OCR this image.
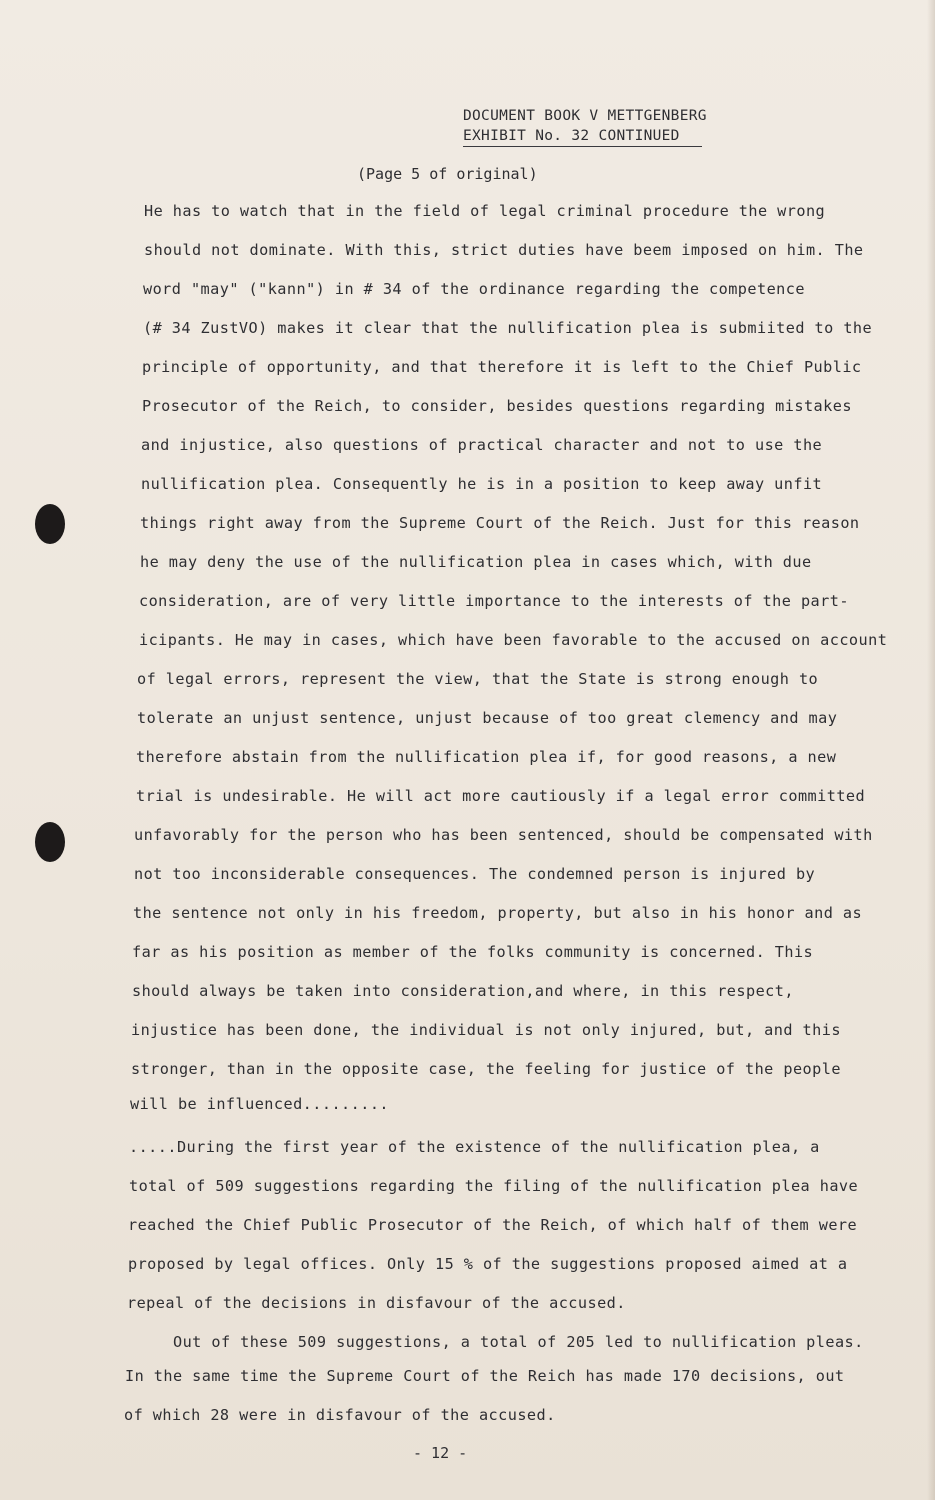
DOCUMENT BOOK V METTGENBERG
EXHIBIT No. 32 CONTINUED
(Page 5 of original)
He has to watch that in the field of legal criminal procedure the wrong
should not dominate. With this, strict duties have beem imposed on him. The
word "may" ("kann") in # 34 of the ordinance regarding the competence
(# 34 ZustVO) makes it clear that the nullification plea is submiited to the
principle of opportunity, and that therefore it is left to the Chief Public
Prosecutor of the Reich, to consider, besides questions regarding mistakes
and injustice, also questions of practical character and not to use the
nullification plea. Consequently he is in a position to keep away unfit
things right away from the Supreme Court of the Reich. Just for this reason
he may deny the use of the nullification plea in cases which, with due
consideration, are of very little importance to the interests of the part-
icipants. He may in cases, which have been favorable to the accused on account
of legal errors, represent the view, that the State is strong enough to
tolerate an unjust sentence, unjust because of too great clemency and may
therefore abstain from the nullification plea if, for good reasons, a new
trial is undesirable. He will act more cautiously if a legal error committed
unfavorably for the person who has been sentenced, should be compensated with
not too inconsiderable consequences. The condemned person is injured by
the sentence not only in his freedom, property, but also in his honor and as
far as his position as member of the folks community is concerned. This
should always be taken into consideration,and where, in this respect,
injustice has been done, the individual is not only injured, but, and this
stronger, than in the opposite case, the feeling for justice of the people
will be influenced.........
.....During the first year of the existence of the nullification plea, a
total of 509 suggestions regarding the filing of the nullification plea have
reached the Chief Public Prosecutor of the Reich, of which half of them were
proposed by legal offices. Only 15 % of the suggestions proposed aimed at a
repeal of the decisions in disfavour of the accused.
Out of these 509 suggestions, a total of 205 led to nullification pleas.
In the same time the Supreme Court of the Reich has made 170 decisions, out
of which 28 were in disfavour of the accused.
- 12 -
